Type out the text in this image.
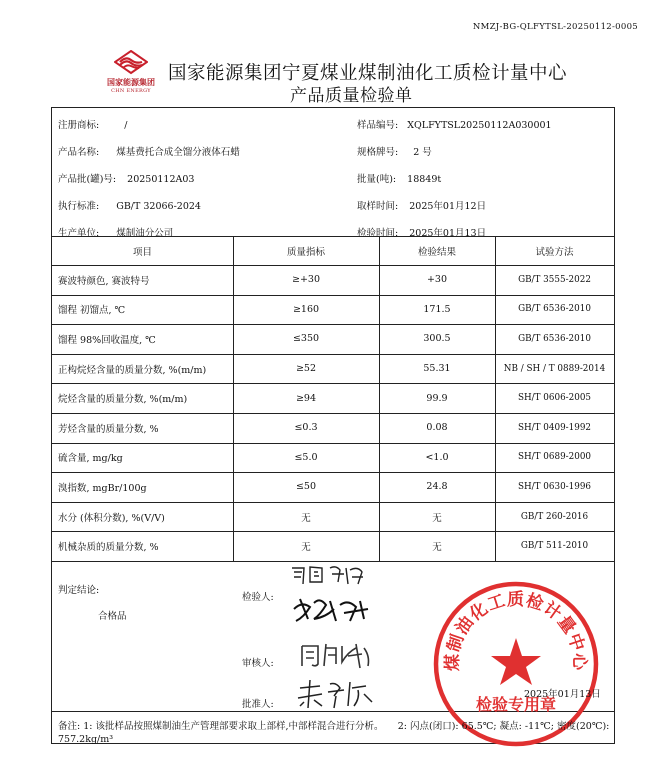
NMZJ-BG-QLFYTSL-20250112-0005
国家能源集团
CHN ENERGY
国家能源集团宁夏煤业煤制油化工质检计量中心
产品质量检验单
注册商标:	/	样品编号: ⅩQLFYTSL20250112A030001
产品名称: 煤基费托合成全馏分液体石蜡	规格牌号: 2 号
产品批(罐)号: 20250112A03	批量(吨): 18849t
执行标准: GB/T 32066-2024	取样时间: 2025年01月12日
生产单位: 煤制油分公司	检验时间: 2025年01月13日
项目	质量指标	检验结果	试验方法
赛波特颜色, 赛波特号	≥+30	+30	GB/T 3555-2022
馏程 初馏点, ℃	≥160	171.5	GB/T 6536-2010
馏程 98%回收温度, ℃	≤350	300.5	GB/T 6536-2010
正构烷烃含量的质量分数, %(m/m)	≥52	55.31	NB / SH / T 0889-2014
烷烃含量的质量分数, %(m/m)	≥94	99.9	SH/T 0606-2005
芳烃含量的质量分数, %	≤0.3	0.08	SH/T 0409-1992
硫含量, mg/kg	≤5.0	<1.0	SH/T 0689-2000
溴指数, mgBr/100g	≤50	24.8	SH/T 0630-1996
水分 (体积分数), %(V/V)	无	无	GB/T 260-2016
机械杂质的质量分数, %	无	无	GB/T 511-2010
判定结论:
合格品
检验人:
审核人:
批准人:
煤制油化工质检计量中心
检验专用章
2025年01月13日
备注: 1: 该批样品按照煤制油生产管理部要求取上部样,中部样混合进行分析。　　2: 闪点(闭口): 65.5℃; 凝点: -11℃; 密度(20℃): 757.2kg/m³
